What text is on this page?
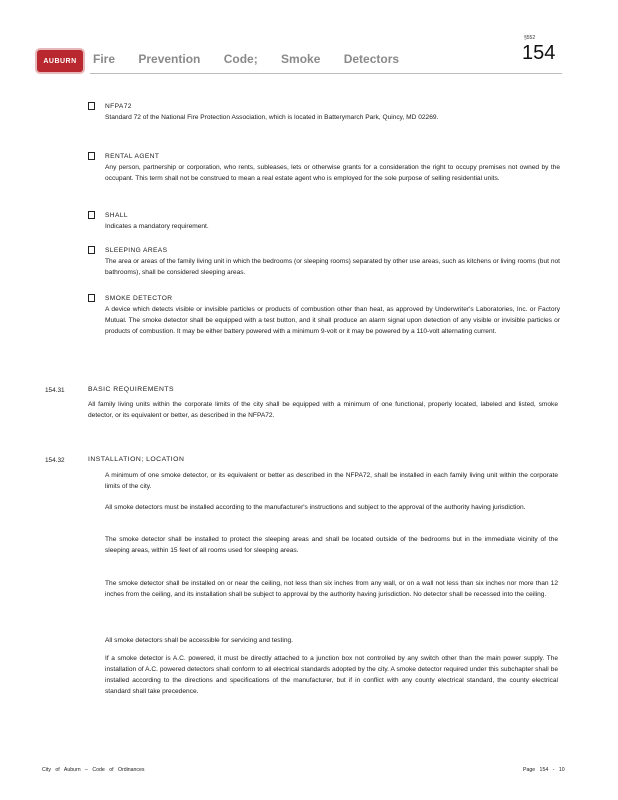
AUBURN Fire Prevention Code; Smoke Detectors
§552
154
NFPA72
Standard 72 of the National Fire Protection Association, which is located in Batterymarch Park, Quincy, MD 02269.
RENTAL AGENT
Any person, partnership or corporation, who rents, subleases, lets or otherwise grants for a consideration the right to occupy premises not owned by the occupant. This term shall not be construed to mean a real estate agent who is employed for the sole purpose of selling residential units.
SHALL
Indicates a mandatory requirement.
SLEEPING AREAS
The area or areas of the family living unit in which the bedrooms (or sleeping rooms) separated by other use areas, such as kitchens or living rooms (but not bathrooms), shall be considered sleeping areas.
SMOKE DETECTOR
A device which detects visible or invisible particles or products of combustion other than heat, as approved by Underwriter's Laboratories, Inc. or Factory Mutual. The smoke detector shall be equipped with a test button, and it shall produce an alarm signal upon detection of any visible or invisible particles or products of combustion. It may be either battery powered with a minimum 9-volt or it may be powered by a 110-volt alternating current.
154.31	BASIC REQUIREMENTS
All family living units within the corporate limits of the city shall be equipped with a minimum of one functional, properly located, labeled and listed, smoke detector, or its equivalent or better, as described in the NFPA72.
154.32	INSTALLATION; LOCATION
A minimum of one smoke detector, or its equivalent or better as described in the NFPA72, shall be installed in each family living unit within the corporate limits of the city.
All smoke detectors must be installed according to the manufacturer's instructions and subject to the approval of the authority having jurisdiction.
The smoke detector shall be installed to protect the sleeping areas and shall be located outside of the bedrooms but in the immediate vicinity of the sleeping areas, within 15 feet of all rooms used for sleeping areas.
The smoke detector shall be installed on or near the ceiling, not less than six inches from any wall, or on a wall not less than six inches nor more than 12 inches from the ceiling, and its installation shall be subject to approval by the authority having jurisdiction. No detector shall be recessed into the ceiling.
All smoke detectors shall be accessible for servicing and testing.
If a smoke detector is A.C. powered, it must be directly attached to a junction box not controlled by any switch other than the main power supply. The installation of A.C. powered detectors shall conform to all electrical standards adopted by the city. A smoke detector required under this subchapter shall be installed according to the directions and specifications of the manufacturer, but if in conflict with any county electrical standard, the county electrical standard shall take precedence.
City of Auburn – Code of Ordinances	Page 154 - 10
